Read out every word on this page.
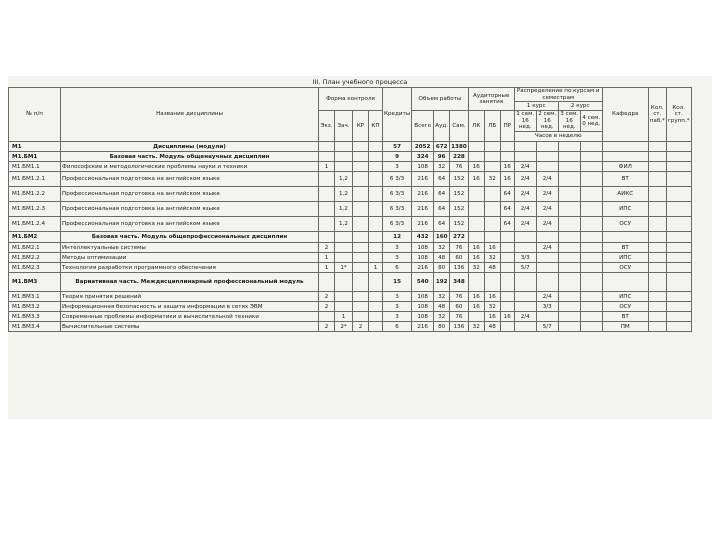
III. План учебного процесса
№ п/п	Название дисциплины	Форма контроля				Кредиты	Объем работы			Аудиторные занятия			Распределение по курсам и семестрам				Кафедра	Кол. ст. паб.*	Кол. ст. групп.*
													1 курс		2 курс				
		Экз.	Зач.	КР	КП		Всего	Ауд.	Сам.	ЛК	ЛБ	ПР	1 сем. 16 нед.	2 сем. 16 нед.	3 сем. 16 нед.	4 сем. 0 нед.			

													Часов в неделю						
M1	Дисциплины (модули)					57	2052	672	1380										
M1.БМ1	Базовая часть. Модуль общенаучных дисциплин					9	324	96	228										
M1.БМ1.1	Философские и методологические проблемы науки и техники	1				3	108	32	76	16		16	2/4				ФИЛ		
M1.БМ1.2.1	Профессиональная подготовка на английском языке		1,2			6 3/3	216	64	152	16	32	16	2/4	2/4			ВТ		
M1.БМ1.2.2	Профессиональная подготовка на английском языке		1,2			6 3/3	216	64	152			64	2/4	2/4			АИКС		
M1.БМ1.2.3	Профессиональная подготовка на английском языке		1,2			6 3/3	216	64	152			64	2/4	2/4			ИПС		
M1.БМ1.2.4	Профессиональная подготовка на английском языке		1,2			6 3/3	216	64	152			64	2/4	2/4			ОСУ		
M1.БМ2	Базовая часть. Модуль общепрофессиональных дисциплин					12	432	160	272										
M1.БМ2.1	Интеллектуальные системы	2				3	108	32	76	16	16			2/4			ВТ		
M1.БМ2.2	Методы оптимизации	1				3	108	48	60	16	32		3/3				ИПС		
M1.БМ2.3	Технология разработки программного обеспечения	1	1*		1	6	216	80	136	32	48		5/7				ОСУ		
M1.BM3	Вариативная часть. Междисциплинарный профессиональный модуль					15	540	192	348										
M1.BM3.1	Теория принятия решений	2				3	108	32	76	16	16			2/4			ИПС		
M1.BM3.2	Информационная безопасность и защита информации в сетях ЭВМ	2				3	108	48	60	16	32			3/3			ОСУ		
M1.BM3.3	Современные проблемы информатики и вычислительной техники		1			3	108	32	76		16	16	2/4				ВТ		
M1.BM3.4	Вычислительные системы	2	2*	2		6	216	80	136	32	48			5/7			ПМ		
